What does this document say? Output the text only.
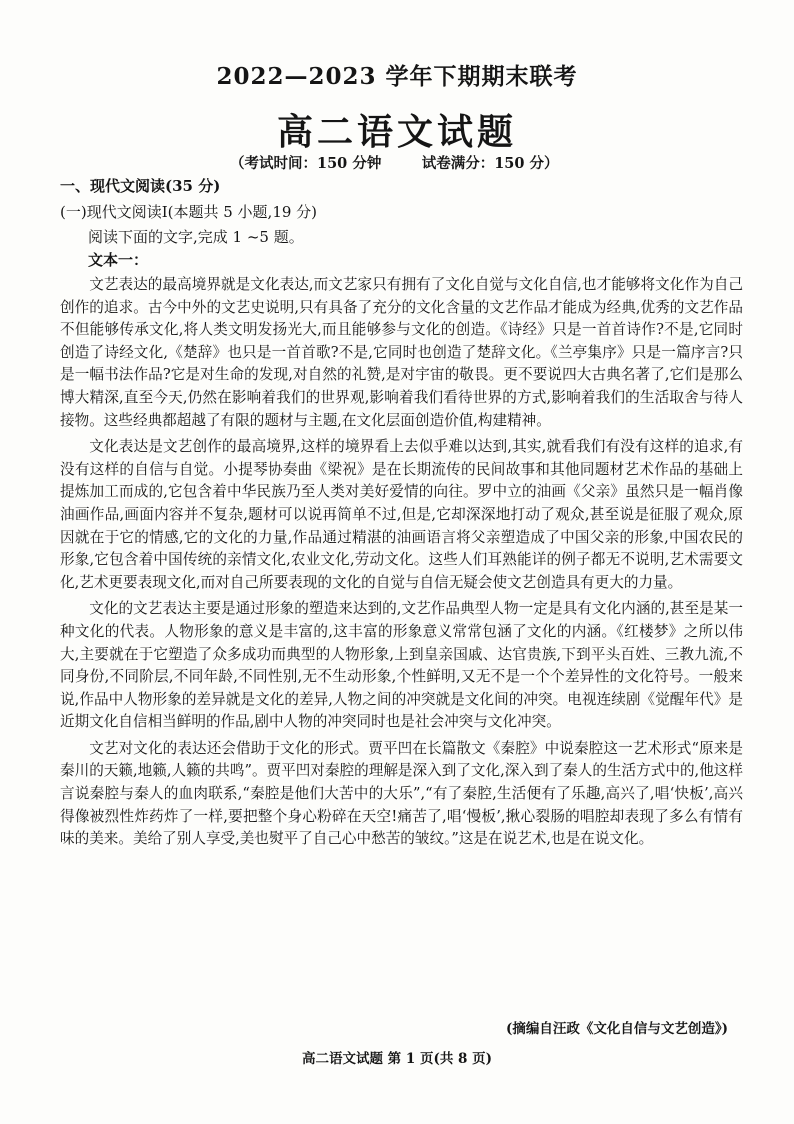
2022—2023 学年下期期末联考
高二语文试题
（考试时间：150 分钟        试卷满分：150 分）
一、现代文阅读(35 分)
(一)现代文阅读Ⅰ(本题共 5 小题,19 分)
阅读下面的文字,完成 1 ~5 题。
文本一：

文艺表达的最高境界就是文化表达,而文艺家只有拥有了文化自觉与文化自信,也才能够将文化作为自己创作的追求。古今中外的文艺史说明,只有具备了充分的文化含量的文艺作品才能成为经典,优秀的文艺作品不但能够传承文化,将人类文明发扬光大,而且能够参与文化的创造。《诗经》只是一首首诗作?不是,它同时创造了诗经文化,《楚辞》也只是一首首歌?不是,它同时也创造了楚辞文化。《兰亭集序》只是一篇序言?只是一幅书法作品?它是对生命的发现,对自然的礼赞,是对宇宙的敬畏。更不要说四大古典名著了,它们是那么博大精深,直至今天,仍然在影响着我们的世界观,影响着我们看待世界的方式,影响着我们的生活取舍与待人接物。这些经典都超越了有限的题材与主题,在文化层面创造价值,构建精神。

文化表达是文艺创作的最高境界,这样的境界看上去似乎难以达到,其实,就看我们有没有这样的追求,有没有这样的自信与自觉。小提琴协奏曲《梁祝》是在长期流传的民间故事和其他同题材艺术作品的基础上提炼加工而成的,它包含着中华民族乃至人类对美好爱情的向往。罗中立的油画《父亲》虽然只是一幅肖像油画作品,画面内容并不复杂,题材可以说再简单不过,但是,它却深深地打动了观众,甚至说是征服了观众,原因就在于它的情感,它的文化的力量,作品通过精湛的油画语言将父亲塑造成了中国父亲的形象,中国农民的形象,它包含着中国传统的亲情文化,农业文化,劳动文化。这些人们耳熟能详的例子都无不说明,艺术需要文化,艺术更要表现文化,而对自己所要表现的文化的自觉与自信无疑会使文艺创造具有更大的力量。

文化的文艺表达主要是通过形象的塑造来达到的,文艺作品典型人物一定是具有文化内涵的,甚至是某一种文化的代表。人物形象的意义是丰富的,这丰富的形象意义常常包涵了文化的内涵。《红楼梦》之所以伟大,主要就在于它塑造了众多成功而典型的人物形象,上到皇亲国戚、达官贵族,下到平头百姓、三教九流,不同身份,不同阶层,不同年龄,不同性别,无不生动形象,个性鲜明,又无不是一个个差异性的文化符号。一般来说,作品中人物形象的差异就是文化的差异,人物之间的冲突就是文化间的冲突。电视连续剧《觉醒年代》是近期文化自信相当鲜明的作品,剧中人物的冲突同时也是社会冲突与文化冲突。

文艺对文化的表达还会借助于文化的形式。贾平凹在长篇散文《秦腔》中说秦腔这一艺术形式“原来是秦川的天籁,地籁,人籁的共鸣”。贾平凹对秦腔的理解是深入到了文化,深入到了秦人的生活方式中的,他这样言说秦腔与秦人的血肉联系,“秦腔是他们大苦中的大乐”,“有了秦腔,生活便有了乐趣,高兴了,唱‘快板’,高兴得像被烈性炸药炸了一样,要把整个身心粉碎在天空!痛苦了,唱‘慢板’,揪心裂肠的唱腔却表现了多么有情有味的美来。美给了别人享受,美也熨平了自己心中愁苦的皱纹。”这是在说艺术,也是在说文化。

(摘编自汪政《文化自信与文艺创造》)
高二语文试题 第 1 页(共 8 页)
